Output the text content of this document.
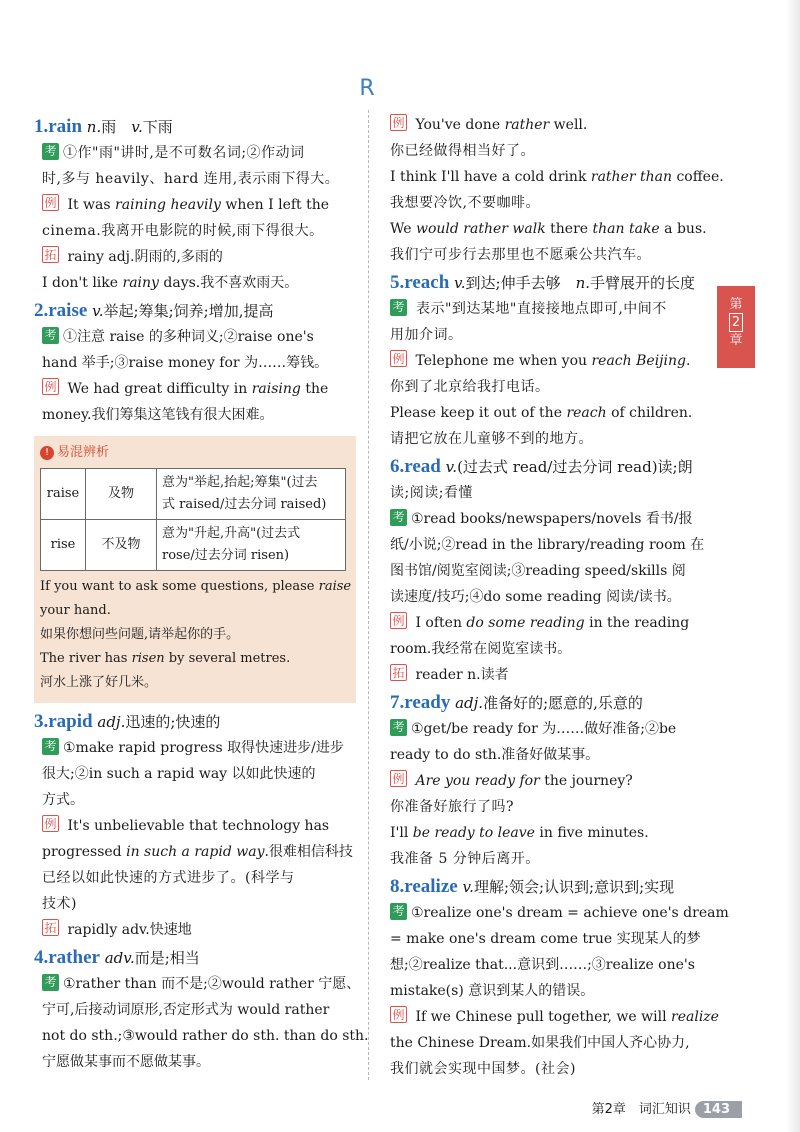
R
1.rain n.雨　v.下雨
考 ①作"雨"讲时,是不可数名词;②作动词
时,多与 heavily、hard 连用,表示雨下得大。
例 It was raining heavily when I left the
cinema.我离开电影院的时候,雨下得很大。
拓 rainy adj.阴雨的,多雨的
I don't like rainy days.我不喜欢雨天。
2.raise v.举起;筹集;饲养;增加,提高
考 ①注意 raise 的多种词义;②raise one's
hand 举手;③raise money for 为……筹钱。
例 We had great difficulty in raising the
money.我们筹集这笔钱有很大困难。
! 易混辨析
raise	及物	意为"举起,抬起;筹集"(过去
式 raised/过去分词 raised)

rise	不及物	意为"升起,升高"(过去式
rose/过去分词 risen)
If you want to ask some questions, please raise
your hand.
如果你想问些问题,请举起你的手。
The river has risen by several metres.
河水上涨了好几米。
3.rapid adj.迅速的;快速的
考 ①make rapid progress 取得快速进步/进步
很大;②in such a rapid way 以如此快速的
方式。
例 It's unbelievable that technology has
progressed in such a rapid way.很难相信科技
已经以如此快速的方式进步了。(科学与
技术)
拓 rapidly adv.快速地
4.rather adv.而是;相当
考 ①rather than 而不是;②would rather 宁愿、
宁可,后接动词原形,否定形式为 would rather
not do sth.;③would rather do sth. than do sth.
宁愿做某事而不愿做某事。
例 You've done rather well.
你已经做得相当好了。
I think I'll have a cold drink rather than coffee.
我想要冷饮,不要咖啡。
We would rather walk there than take a bus.
我们宁可步行去那里也不愿乘公共汽车。
5.reach v.到达;伸手去够　n.手臂展开的长度
考 表示"到达某地"直接接地点即可,中间不
用加介词。
例 Telephone me when you reach Beijing.
你到了北京给我打电话。
Please keep it out of the reach of children.
请把它放在儿童够不到的地方。
6.read v.(过去式 read/过去分词 read)读;朗
读;阅读;看懂
考 ①read books/newspapers/novels 看书/报
纸/小说;②read in the library/reading room 在
图书馆/阅览室阅读;③reading speed/skills 阅
读速度/技巧;④do some reading 阅读/读书。
例 I often do some reading in the reading
room.我经常在阅览室读书。
拓 reader n.读者
7.ready adj.准备好的;愿意的,乐意的
考 ①get/be ready for 为……做好准备;②be
ready to do sth.准备好做某事。
例 Are you ready for the journey?
你准备好旅行了吗?
I'll be ready to leave in five minutes.
我准备 5 分钟后离开。
8.realize v.理解;领会;认识到;意识到;实现
考 ①realize one's dream = achieve one's dream
= make one's dream come true 实现某人的梦
想;②realize that...意识到……;③realize one's
mistake(s) 意识到某人的错误。
例 If we Chinese pull together, we will realize
the Chinese Dream.如果我们中国人齐心协力,
我们就会实现中国梦。(社会)
第
2
章
第2章　词汇知识 143
